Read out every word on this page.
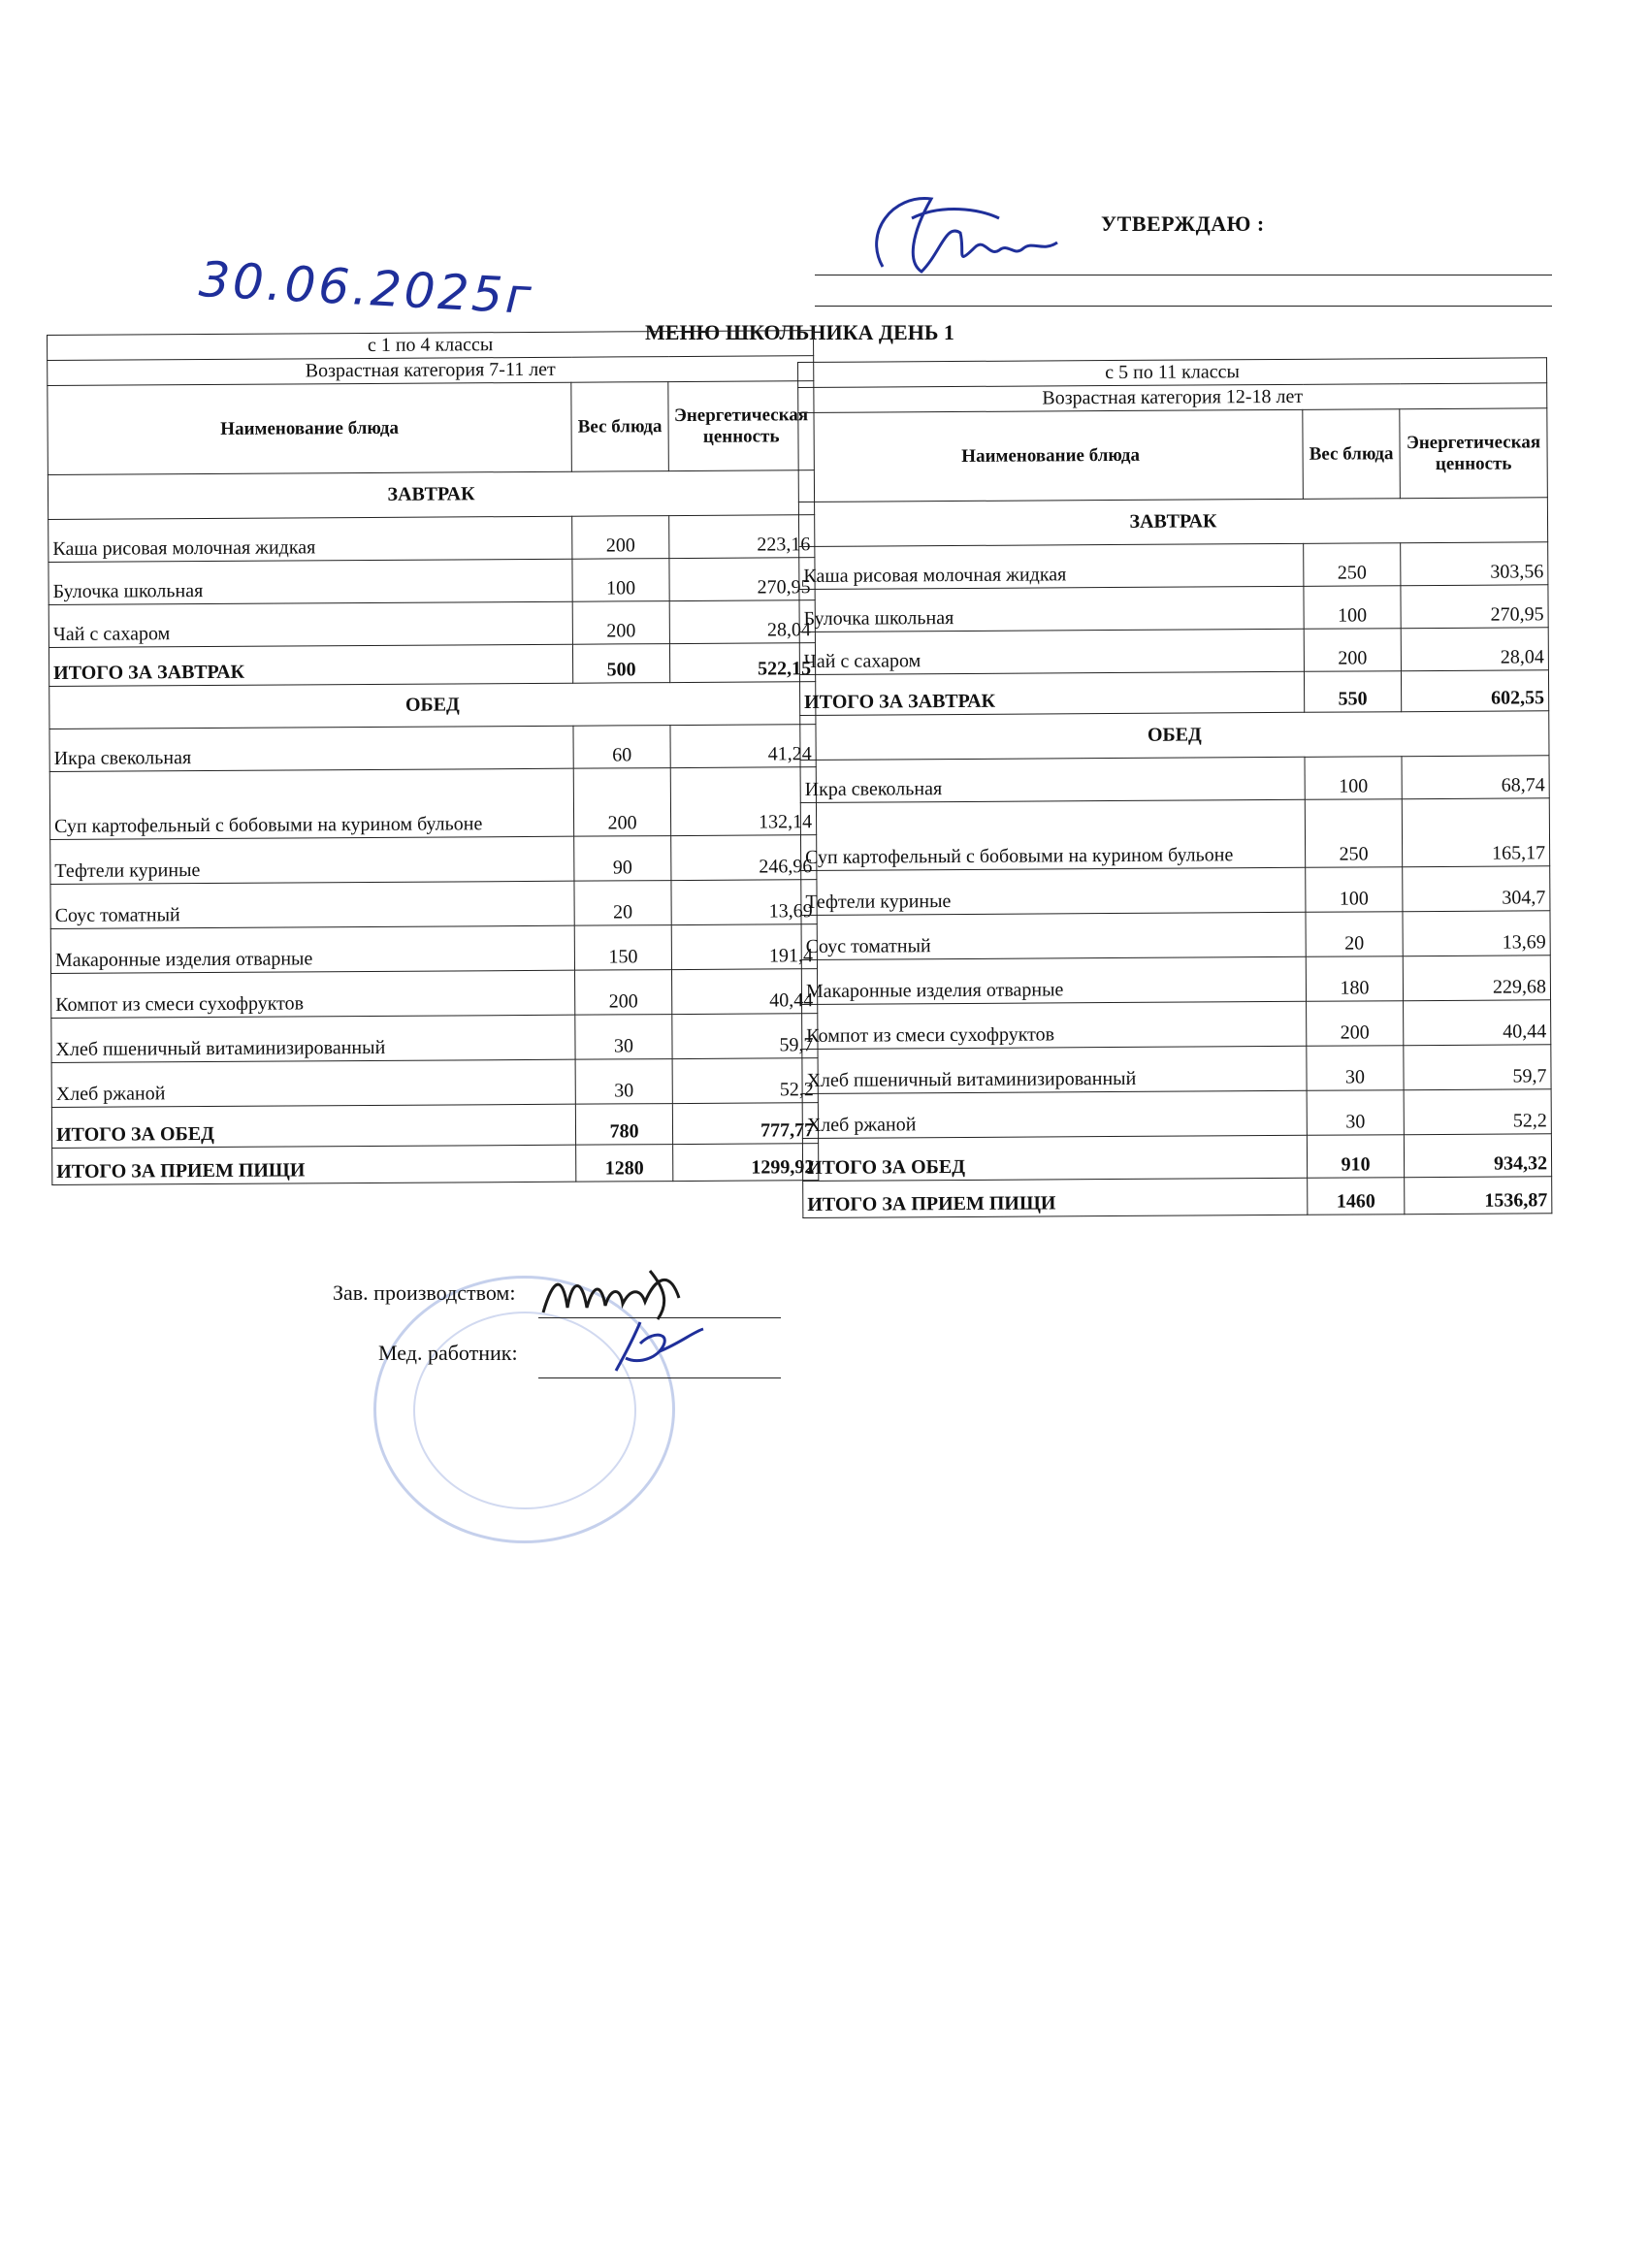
УТВЕРЖДАЮ :
30.06.2025г
МЕНЮ ШКОЛЬНИКА ДЕНЬ 1
с 1 по 4 классы		
Возрастная категория 7-11 лет		
Наименование блюда	Вес блюда	Энергетическая ценность
ЗАВТРАК		
Каша рисовая молочная жидкая	200	223,16
Булочка школьная	100	270,95
Чай с сахаром	200	28,04
ИТОГО ЗА ЗАВТРАК	500	522,15
ОБЕД		
Икра свекольная	60	41,24
Суп картофельный с бобовыми на курином бульоне	200	132,14
Тефтели куриные	90	246,96
Соус томатный	20	13,69
Макаронные изделия отварные	150	191,4
Компот из смеси сухофруктов	200	40,44
Хлеб пшеничный витаминизированный	30	59,7
Хлеб ржаной	30	52,2
ИТОГО ЗА ОБЕД	780	777,77
ИТОГО ЗА ПРИЕМ ПИЩИ	1280	1299,92
с 5 по 11 классы		
Возрастная категория 12-18 лет		
Наименование блюда	Вес блюда	Энергетическая ценность
ЗАВТРАК		
Каша рисовая молочная жидкая	250	303,56
Булочка школьная	100	270,95
Чай с сахаром	200	28,04
ИТОГО ЗА ЗАВТРАК	550	602,55
ОБЕД		
Икра свекольная	100	68,74
Суп картофельный с бобовыми на курином бульоне	250	165,17
Тефтели куриные	100	304,7
Соус томатный	20	13,69
Макаронные изделия отварные	180	229,68
Компот из смеси сухофруктов	200	40,44
Хлеб пшеничный витаминизированный	30	59,7
Хлеб ржаной	30	52,2
ИТОГО ЗА ОБЕД	910	934,32
ИТОГО ЗА ПРИЕМ ПИЩИ	1460	1536,87
Зав. производством:
Мед. работник:
